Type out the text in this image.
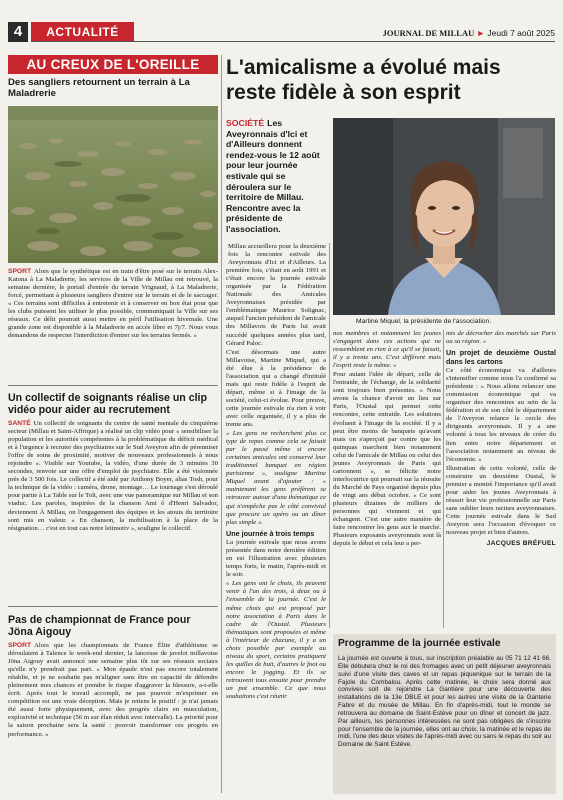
4	ACTUALITÉ	JOURNAL DE MILLAU ► Jeudi 7 août 2025
AU CREUX DE L'OREILLE
Des sangliers retournent un terrain à La Maladrerie
SPORT Alors que le synthétique est en train d'être posé sur le terrain Alex-Katona à La Maladrerie, les services de la Ville de Millau ont retrouvé, la semaine dernière, le portail d'entrée du terrain Vrignaud, à La Maladrerie, forcé, permettant à plusieurs sangliers d'entrer sur le terrain et de le saccager. « Ces terrains sont difficiles à entretenir et à conserver en bon état pour que les clubs puissent les utiliser le plus possible, communiquait la Ville sur ses réseaux. Ce délit pourrait aussi mettre en péril l'utilisation hivernale. Une grande zone est disponible à la Maladrerie en accès libre et 7j/7. Nous vous demandons de respecter l'interdiction d'entrer sur les terrains fermés. »
Un collectif de soignants réalise un clip vidéo pour aider au recrutement
SANTÉ Un collectif de soignants du centre de santé mentale du cinquième secteur (Millau et Saint-Affrique) a réalisé un clip vidéo pour « sensibiliser la population et les autorités compétentes à la problématique du déficit médical et à l'urgence à recruter des psychiatres sur le Sud Aveyron afin de pérenniser l'offre de soins de proximité, motiver de nouveaux professionnels à nous rejoindre ». Visible sur Youtube, la vidéo, d'une durée de 3 minutes 30 secondes, renvoie sur une offre d'emploi de psychiatre. Elle a été visionnée près de 3 500 fois. Le collectif a été aidé par Anthony Boyer, alias Tosh, pour la technique de la vidéo : caméra, drone, montage… Le tournage s'est déroulé pour partie à La Table sur le Tolt, avec une vue panoramique sur Millau et son viaduc. Les paroles, inspirées de la chanson Ami ô d'Henri Salvador, deviennent À Millau, on l'engagement des équipes et les atouts du territoire sont mis en valeur. « En chanson, la mobilisation à la place de la résignation… c'est en tout cas notre leitmotiv », souligne le collectif.
Pas de championnat de France pour Jöna Aigouy
SPORT Alors que les championnats de France Élite d'athlétisme se déroulaient à Talence le week-end dernier, la lanceuse de javelot millavoise Jöna Aigouy avait annoncé une semaine plus tôt sur ses réseaux sociaux qu'elle n'y prendrait pas part. « Mon épaule n'est pas encore totalement rétablie, et je ne souhaite pas m'aligner sans être en capacité de défendre pleinement mes chances et prendre le risque d'aggraver la blessure, a-t-elle écrit. Après tout le travail accompli, ne pas pouvoir m'exprimer en compétition est une vraie déception. Mais je retiens le positif : je n'ai jamais été aussi forte physiquement, avec des progrès clairs en musculation, explosivité et technique (56 m sur élan réduit avec intervalle). La priorité pour la saison prochaine sera la santé : pouvoir transformer ces progrès en performance. »
L'amicalisme a évolué mais reste fidèle à son esprit
SOCIÉTÉ Les Aveyronnais d'Ici et d'Ailleurs donnent rendez-vous le 12 août pour leur journée estivale qui se déroulera sur le territoire de Millau. Rencontre avec la présidente de l'association.
Martine Miquel, la présidente de l'association.

Millau accueillera pour la deuxième fois la rencontre estivale des Aveyronnais d'Ici et d'Ailleurs. La première fois, c'était en août 1991 et c'était encore la journée estivale organisée par la Fédération Nationale des Amicales Aveyronnaises présidée par l'emblématique Maurice Solignac, auquel l'ancien président de l'amicale des Millavois de Paris lui avait succédé quelques années plus tard, Gérard Paloc.

C'est désormais une autre Millavoise, Martine Miquel, qui a été élue à la présidence de l'association qui a changé d'intitulé mais qui reste fidèle à l'esprit de départ, même si à l'image de la société, celui-ci évolue. Pour preuve, cette journée estivale n'a rien à voir avec celle organisée, il y a plus de trente ans.

« Les gens ne recherchent plus ce type de repas comme cela se faisait par le passé même si encore certaines amicales ont conservé leur traditionnel banquet en région parisienne », souligne Martine Miquel avant d'ajouter : « maintenant les gens préfèrent se retrouver autour d'une thématique ce qui n'empêche pas le côté convivial que procure un apéro ou un dîner plus simple ».

Une journée à trois temps

La journée estivale que nous avons présentée dans notre dernière édition en est l'illustration avec plusieurs temps forts, le matin, l'après-midi et le soir.

« Les gens ont le choix, ils peuvent venir à l'un des trois, à deux ou à l'ensemble de la journée. C'est le même choix qui est proposé par notre association à Paris dans le cadre de l'Oustal. Plusieurs thématiques sont proposées et même à l'intérieur de chacune, il y a un choix possible par exemple au niveau du sport, certains pratiquent les quilles de huit, d'autres le foot ou encore le jogging. Et ils se retrouvent tous ensuite pour prendre un pot ensemble. Ce que nous souhaitons c'est réunir

nos membres et notamment les jeunes s'engagent dans ces actions qui ne ressemblent en rien à ce qu'il se faisait, il y a trente ans. C'est différent mais l'esprit reste le même. »

Pour autant l'idée de départ, celle de l'entraide, de l'échange, de la solidarité sont toujours bien présentes. « Nous avons la chance d'avoir un lieu sur Paris, l'Oustal qui permet cette rencontre, cette entraide. Les solutions évoluent à l'image de la société. Il y a peut être moins de banquets qu'avant mais on s'aperçoit par contre que les quinquas marchent bien notamment celui de l'amicale de Millau ou celui des jeunes Aveyronnais de Paris qui cartonnent », se félicite notre interlocutrice qui poursuit sur la réussite du Marché de Pays organisé depuis plus de vingt ans début octobre. « Ce sont plusieurs dizaines de milliers de personnes qui viennent et qui échangent. C'est une autre manière de faire rencontrer les gens aux le marché. Plusieurs exposants aveyronnais sont là depuis le début et cela leur a per-

mis de décrocher des marchés sur Paris ou sa région. »

Un projet de deuxième Oustal dans les cartons

Ce côté économique va d'ailleurs s'intensifier comme nous l'a confirmé sa présidente : « Nous allons relancer une commission économique qui va organiser des rencontres au sein de la fédération et de son côté le département de l'Aveyron relance le cercle des dirigeants aveyronnais. Il y a une volonté à tous les niveaux de créer du lien entre notre département et l'association notamment au niveau de l'économie. »

Illustration de cette volonté, celle de construire un deuxième Oustal, le premier a montré l'importance qu'il avait pour aider les jeunes Aveyronnais à réussir leur vie professionnelle sur Paris sans oublier leurs racines aveyronnaises. Cette journée estivale dans le Sud Aveyron sera l'occasion d'évoquer ce nouveau projet et bien d'autres.

JACQUES BRÉFUEL

Programme de la journée estivale
La journée est ouverte à tous, sur inscription préalable au 05 71 12 41 66. Elle débutera chez le roi des fromages avec un petit déjeuner aveyronnais suivi d'une visite des caves et un repas piquenique sur le terrain de la Fajole du Combalou. Après cette matinée, le choix sera donné aux convives soit de rejoindre La Gantière pour une découverte des installations de la 13e DBLE et pour les autres une visite de la Ganterie Fabre et du musée de Millau. En fin d'après-midi, tout le monde se retrouvera au domaine de Saint-Estève pour un dîner et concert de jazz. Par ailleurs, les personnes intéressées ne sont pas obligées de s'inscrire pour l'ensemble de la journée, elles ont au choix, la matinée et le repas de midi, l'une des deux visites de l'après-midi avec ou sans le repas du soir au Domaine de Saint Estève.
